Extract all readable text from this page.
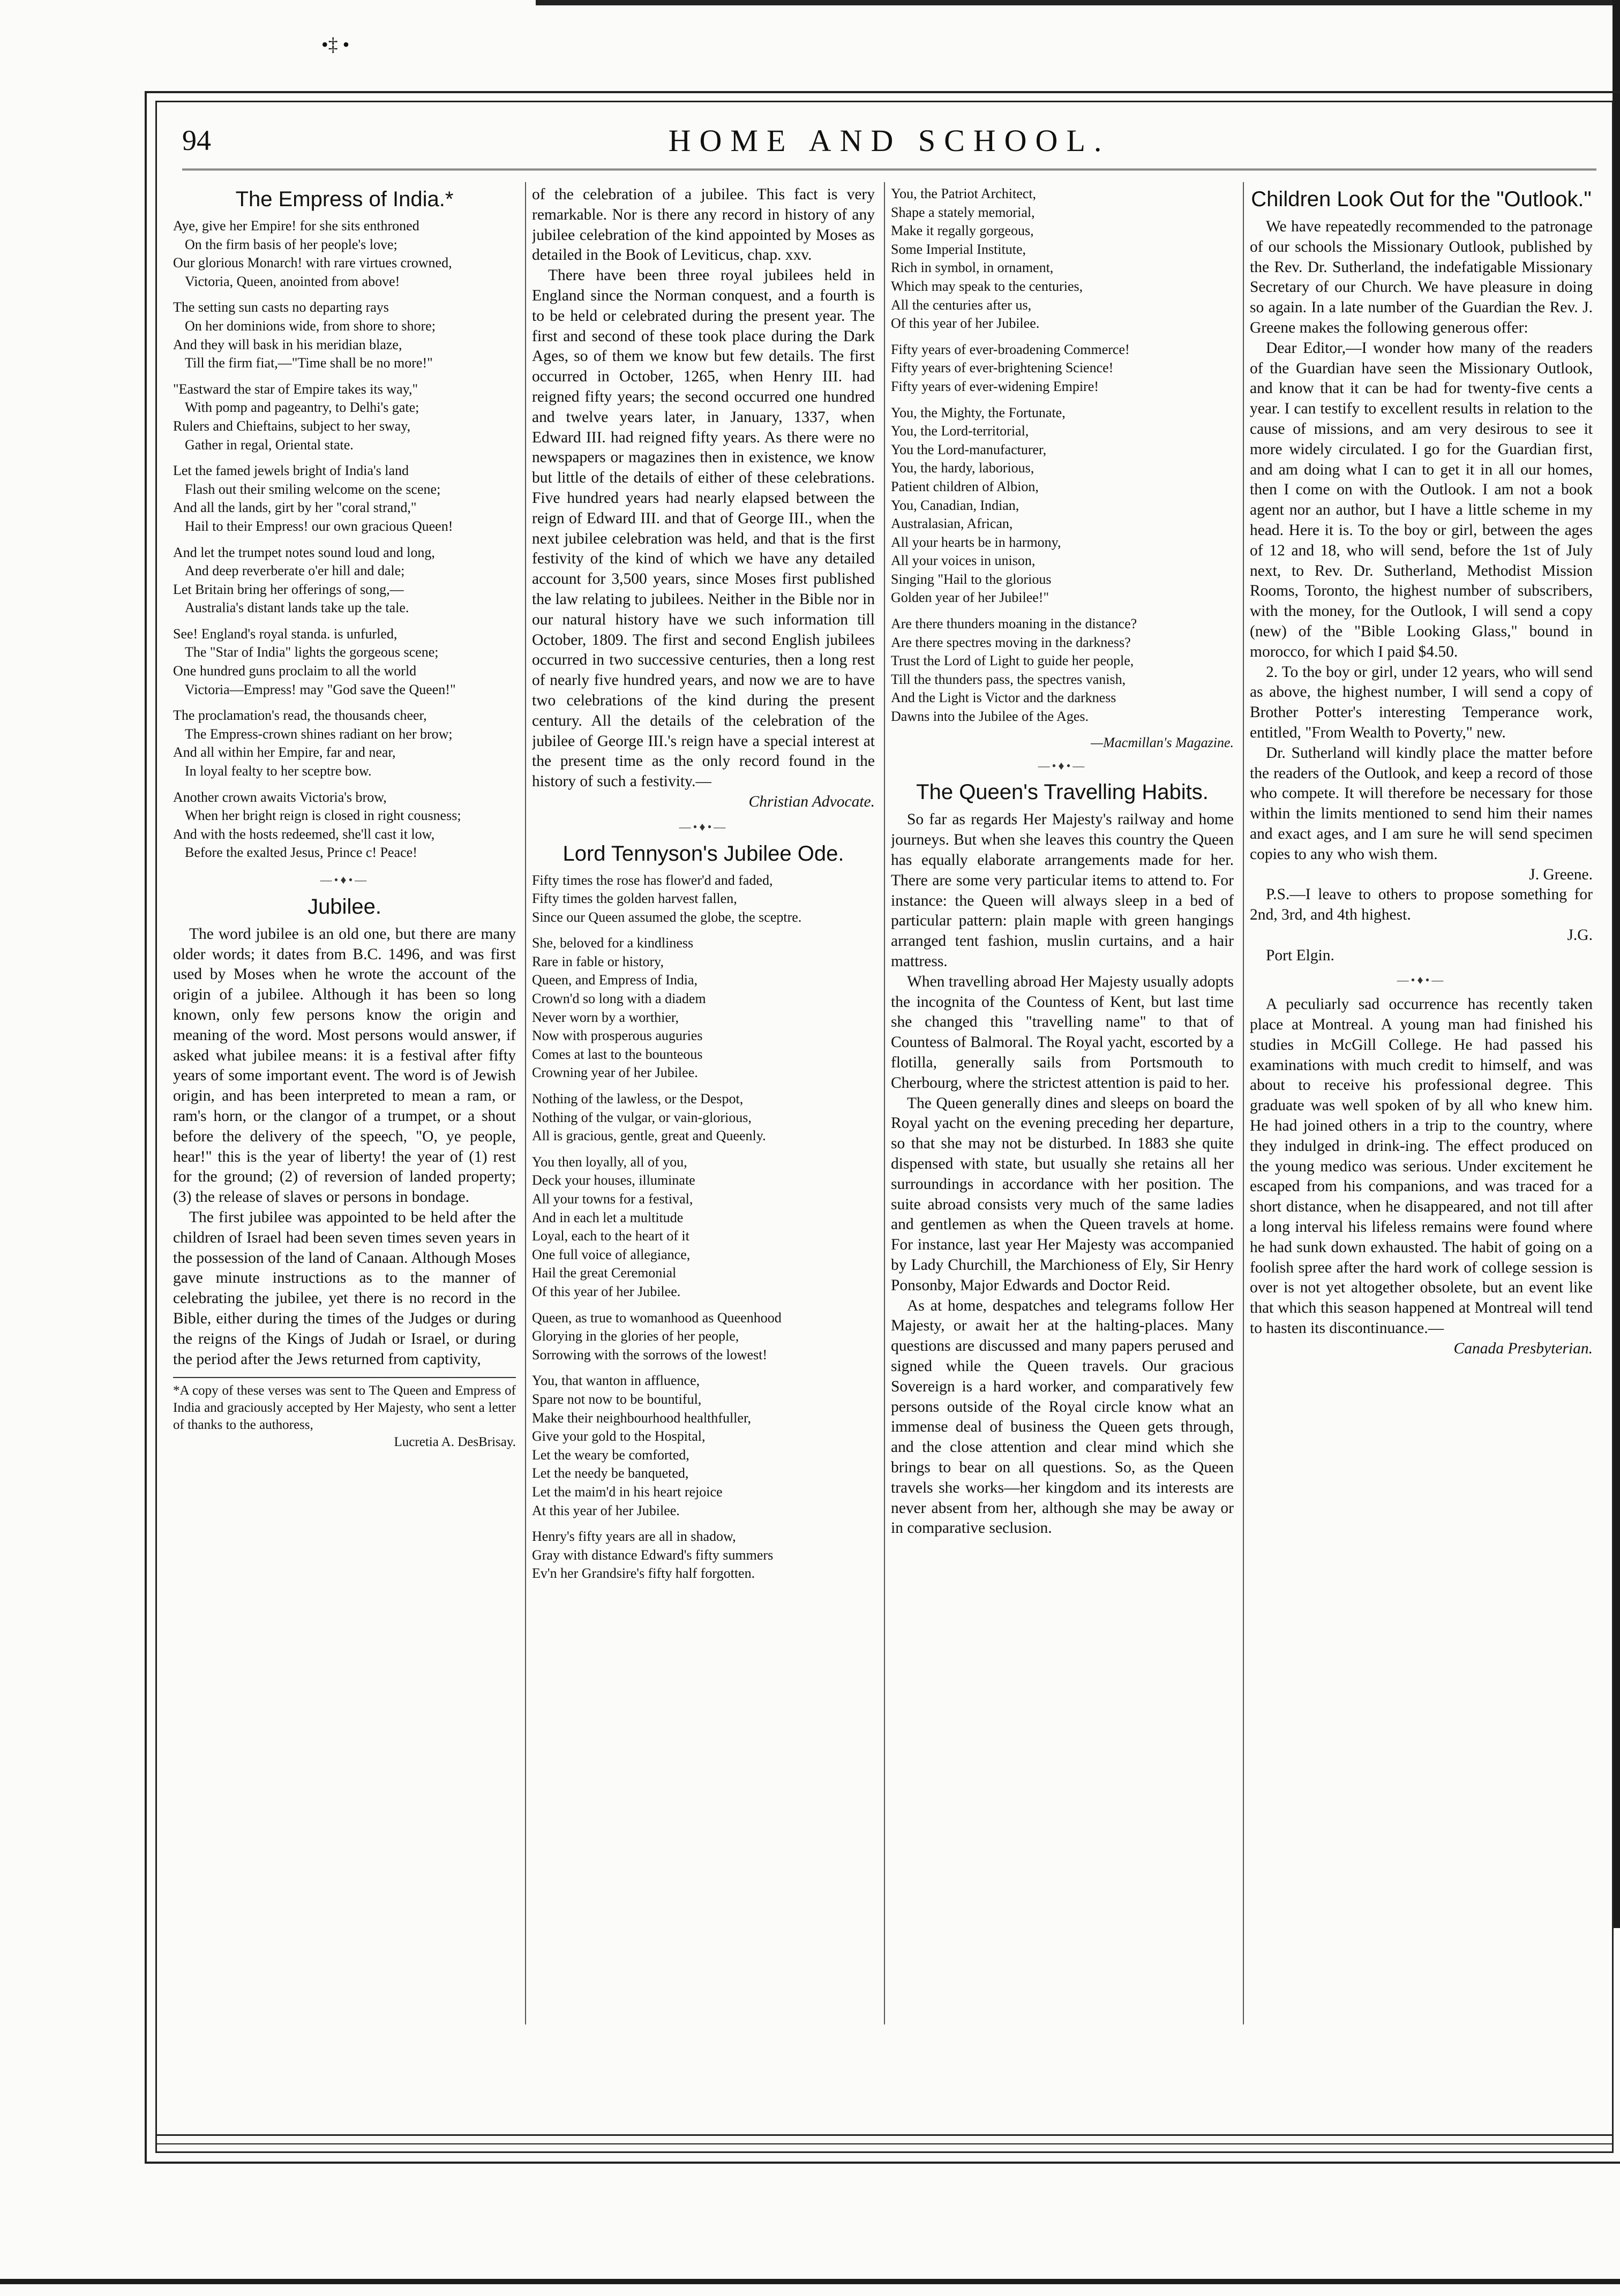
•‡ •
94	HOME AND SCHOOL.
The Empress of India.*
Aye, give her Empire! for she sits enthroned
On the firm basis of her people's love;
Our glorious Monarch! with rare virtues crowned,
Victoria, Queen, anointed from above!
The setting sun casts no departing rays
On her dominions wide, from shore to shore;
And they will bask in his meridian blaze,
Till the firm fiat,—"Time shall be no more!"
"Eastward the star of Empire takes its way,"
With pomp and pageantry, to Delhi's gate;
Rulers and Chieftains, subject to her sway,
Gather in regal, Oriental state.
Let the famed jewels bright of India's land
Flash out their smiling welcome on the scene;
And all the lands, girt by her "coral strand,"
Hail to their Empress! our own gracious Queen!
And let the trumpet notes sound loud and long,
And deep reverberate o'er hill and dale;
Let Britain bring her offerings of song,—
Australia's distant lands take up the tale.
See! England's royal standa. is unfurled,
The "Star of India" lights the gorgeous scene;
One hundred guns proclaim to all the world
Victoria—Empress! may "God save the Queen!"
The proclamation's read, the thousands cheer,
The Empress-crown shines radiant on her brow;
And all within her Empire, far and near,
In loyal fealty to her sceptre bow.
Another crown awaits Victoria's brow,
When her bright reign is closed in right cousness;
And with the hosts redeemed, she'll cast it low,
Before the exalted Jesus, Prince c! Peace!
—•♦•—
Jubilee.

The word jubilee is an old one, but there are many older words; it dates from B.C. 1496, and was first used by Moses when he wrote the account of the origin of a jubilee. Although it has been so long known, only few persons know the origin and meaning of the word. Most persons would answer, if asked what jubilee means: it is a festival after fifty years of some important event. The word is of Jewish origin, and has been interpreted to mean a ram, or ram's horn, or the clangor of a trumpet, or a shout before the delivery of the speech, "O, ye people, hear!" this is the year of liberty! the year of (1) rest for the ground; (2) of reversion of landed property; (3) the release of slaves or persons in bondage.

The first jubilee was appointed to be held after the children of Israel had been seven times seven years in the possession of the land of Canaan. Although Moses gave minute instructions as to the manner of celebrating the jubilee, yet there is no record in the Bible, either during the times of the Judges or during the reigns of the Kings of Judah or Israel, or during the period after the Jews returned from captivity,

*A copy of these verses was sent to The Queen and Empress of India and graciously accepted by Her Majesty, who sent a letter of thanks to the authoress,
Lucretia A. DesBrisay.

of the celebration of a jubilee. This fact is very remarkable. Nor is there any record in history of any jubilee celebration of the kind appointed by Moses as detailed in the Book of Leviticus, chap. xxv.

There have been three royal jubilees held in England since the Norman conquest, and a fourth is to be held or celebrated during the present year. The first and second of these took place during the Dark Ages, so of them we know but few details. The first occurred in October, 1265, when Henry III. had reigned fifty years; the second occurred one hundred and twelve years later, in January, 1337, when Edward III. had reigned fifty years. As there were no newspapers or magazines then in existence, we know but little of the details of either of these celebrations. Five hundred years had nearly elapsed between the reign of Edward III. and that of George III., when the next jubilee celebration was held, and that is the first festivity of the kind of which we have any detailed account for 3,500 years, since Moses first published the law relating to jubilees. Neither in the Bible nor in our natural history have we such information till October, 1809. The first and second English jubilees occurred in two successive centuries, then a long rest of nearly five hundred years, and now we are to have two celebrations of the kind during the present century. All the details of the celebration of the jubilee of George III.'s reign have a special interest at the present time as the only record found in the history of such a festivity.—

Christian Advocate.
—•♦•—
Lord Tennyson's Jubilee Ode.
Fifty times the rose has flower'd and faded,
Fifty times the golden harvest fallen,
Since our Queen assumed the globe, the sceptre.
She, beloved for a kindliness
Rare in fable or history,
Queen, and Empress of India,
Crown'd so long with a diadem
Never worn by a worthier,
Now with prosperous auguries
Comes at last to the bounteous
Crowning year of her Jubilee.
Nothing of the lawless, or the Despot,
Nothing of the vulgar, or vain-glorious,
All is gracious, gentle, great and Queenly.
You then loyally, all of you,
Deck your houses, illuminate
All your towns for a festival,
And in each let a multitude
Loyal, each to the heart of it
One full voice of allegiance,
Hail the great Ceremonial
Of this year of her Jubilee.
Queen, as true to womanhood as Queenhood
Glorying in the glories of her people,
Sorrowing with the sorrows of the lowest!
You, that wanton in affluence,
Spare not now to be bountiful,
Make their neighbourhood healthfuller,
Give your gold to the Hospital,
Let the weary be comforted,
Let the needy be banqueted,
Let the maim'd in his heart rejoice
At this year of her Jubilee.
Henry's fifty years are all in shadow,
Gray with distance Edward's fifty summers
Ev'n her Grandsire's fifty half forgotten.
You, the Patriot Architect,
Shape a stately memorial,
Make it regally gorgeous,
Some Imperial Institute,
Rich in symbol, in ornament,
Which may speak to the centuries,
All the centuries after us,
Of this year of her Jubilee.
Fifty years of ever-broadening Commerce!
Fifty years of ever-brightening Science!
Fifty years of ever-widening Empire!
You, the Mighty, the Fortunate,
You, the Lord-territorial,
You the Lord-manufacturer,
You, the hardy, laborious,
Patient children of Albion,
You, Canadian, Indian,
Australasian, African,
All your hearts be in harmony,
All your voices in unison,
Singing "Hail to the glorious
Golden year of her Jubilee!"
Are there thunders moaning in the distance?
Are there spectres moving in the darkness?
Trust the Lord of Light to guide her people,
Till the thunders pass, the spectres vanish,
And the Light is Victor and the darkness
Dawns into the Jubilee of the Ages.
—Macmillan's Magazine.
—•♦•—
The Queen's Travelling Habits.

So far as regards Her Majesty's railway and home journeys. But when she leaves this country the Queen has equally elaborate arrangements made for her. There are some very particular items to attend to. For instance: the Queen will always sleep in a bed of particular pattern: plain maple with green hangings arranged tent fashion, muslin curtains, and a hair mattress.

When travelling abroad Her Majesty usually adopts the incognita of the Countess of Kent, but last time she changed this "travelling name" to that of Countess of Balmoral. The Royal yacht, escorted by a flotilla, generally sails from Portsmouth to Cherbourg, where the strictest attention is paid to her.

The Queen generally dines and sleeps on board the Royal yacht on the evening preceding her departure, so that she may not be disturbed. In 1883 she quite dispensed with state, but usually she retains all her surroundings in accordance with her position. The suite abroad consists very much of the same ladies and gentlemen as when the Queen travels at home. For instance, last year Her Majesty was accompanied by Lady Churchill, the Marchioness of Ely, Sir Henry Ponsonby, Major Edwards and Doctor Reid.

As at home, despatches and telegrams follow Her Majesty, or await her at the halting-places. Many questions are discussed and many papers perused and signed while the Queen travels. Our gracious Sovereign is a hard worker, and comparatively few persons outside of the Royal circle know what an immense deal of business the Queen gets through, and the close attention and clear mind which she brings to bear on all questions. So, as the Queen travels she works—her kingdom and its interests are never absent from her, although she may be away or in comparative seclusion.

Children Look Out for the "Outlook."

We have repeatedly recommended to the patronage of our schools the Missionary Outlook, published by the Rev. Dr. Sutherland, the indefatigable Missionary Secretary of our Church. We have pleasure in doing so again. In a late number of the Guardian the Rev. J. Greene makes the following generous offer:

Dear Editor,—I wonder how many of the readers of the Guardian have seen the Missionary Outlook, and know that it can be had for twenty-five cents a year. I can testify to excellent results in relation to the cause of missions, and am very desirous to see it more widely circulated. I go for the Guardian first, and am doing what I can to get it in all our homes, then I come on with the Outlook. I am not a book agent nor an author, but I have a little scheme in my head. Here it is. To the boy or girl, between the ages of 12 and 18, who will send, before the 1st of July next, to Rev. Dr. Sutherland, Methodist Mission Rooms, Toronto, the highest number of subscribers, with the money, for the Outlook, I will send a copy (new) of the "Bible Looking Glass," bound in morocco, for which I paid $4.50.

2. To the boy or girl, under 12 years, who will send as above, the highest number, I will send a copy of Brother Potter's interesting Temperance work, entitled, "From Wealth to Poverty," new.

Dr. Sutherland will kindly place the matter before the readers of the Outlook, and keep a record of those who compete. It will therefore be necessary for those within the limits mentioned to send him their names and exact ages, and I am sure he will send specimen copies to any who wish them.

J. Greene.

P.S.—I leave to others to propose something for 2nd, 3rd, and 4th highest.

J.G.
Port Elgin.
—•♦•—

A peculiarly sad occurrence has recently taken place at Montreal. A young man had finished his studies in McGill College. He had passed his examinations with much credit to himself, and was about to receive his professional degree. This graduate was well spoken of by all who knew him. He had joined others in a trip to the country, where they indulged in drink-ing. The effect produced on the young medico was serious. Under excitement he escaped from his companions, and was traced for a short distance, when he disappeared, and not till after a long interval his lifeless remains were found where he had sunk down exhausted. The habit of going on a foolish spree after the hard work of college session is over is not yet altogether obsolete, but an event like that which this season happened at Montreal will tend to hasten its discontinuance.—

Canada Presbyterian.
